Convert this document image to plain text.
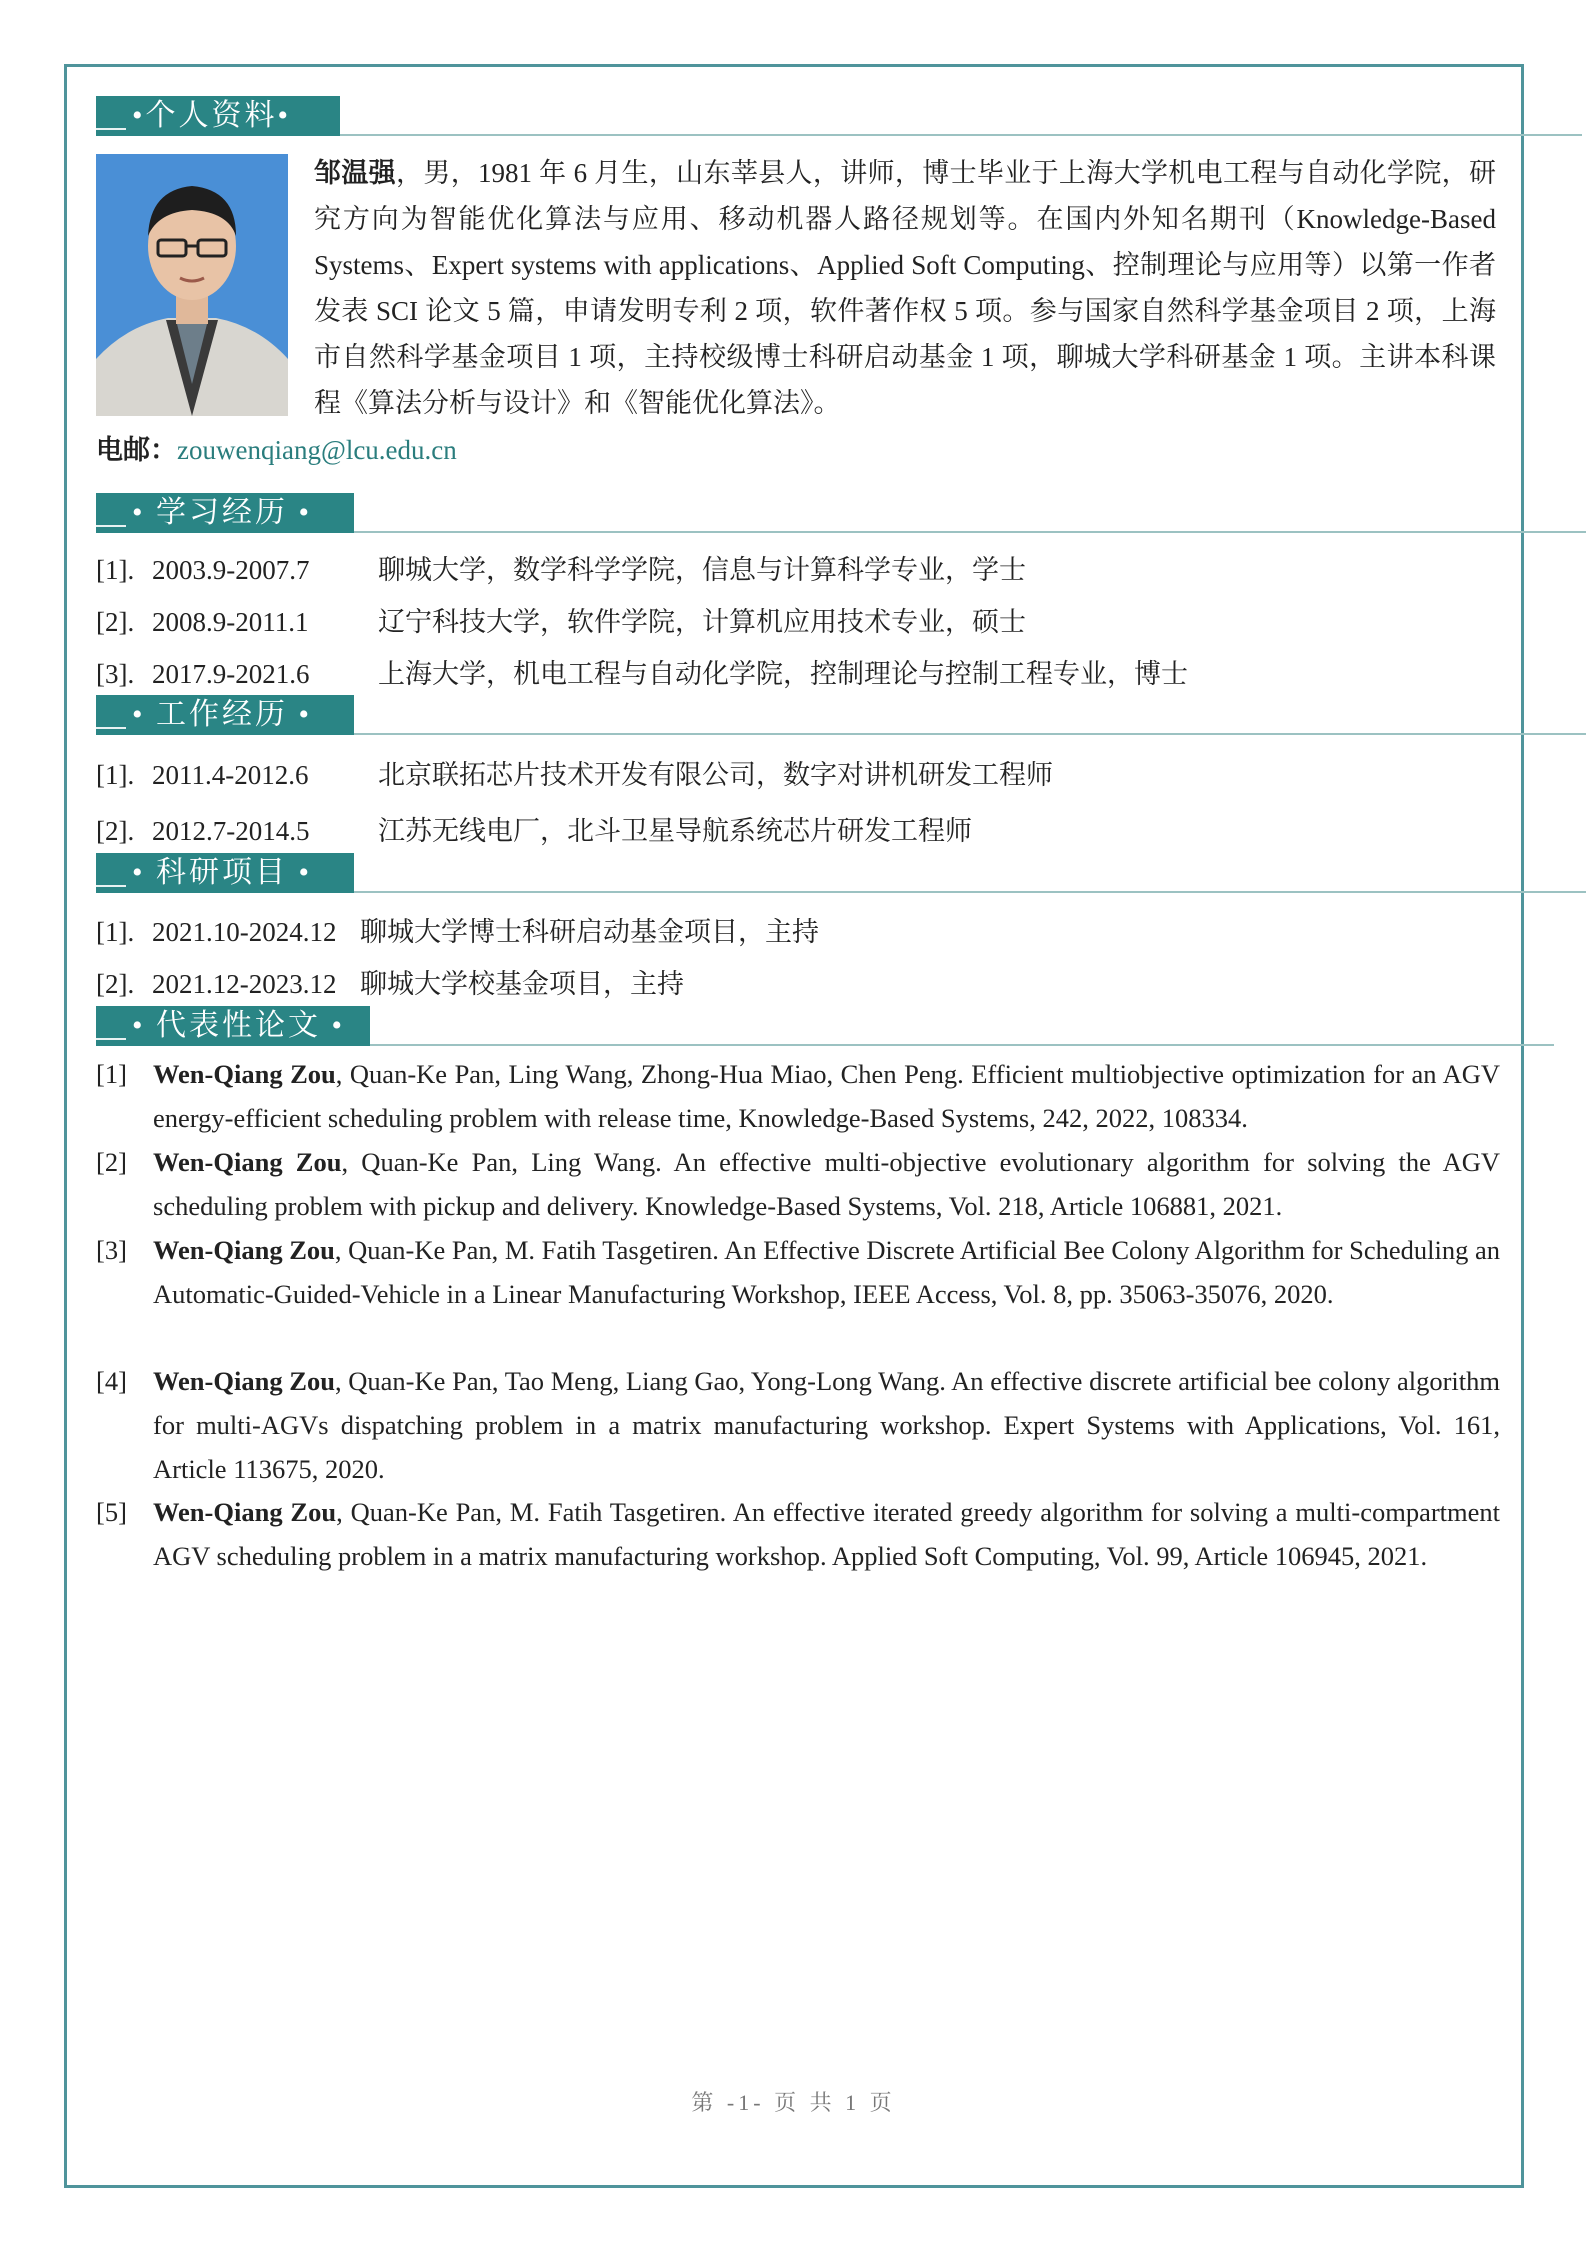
•个人资料•
邹温强，男，1981 年 6 月生，山东莘县人，讲师，博士毕业于上海大学机电工程与自动化学院，研究方向为智能优化算法与应用、移动机器人路径规划等。在国内外知名期刊（Knowledge-Based Systems、Expert systems with applications、Applied Soft Computing、控制理论与应用等）以第一作者发表 SCI 论文 5 篇，申请发明专利 2 项，软件著作权 5 项。参与国家自然科学基金项目 2 项，上海市自然科学基金项目 1 项，主持校级博士科研启动基金 1 项，聊城大学科研基金 1 项。主讲本科课程《算法分析与设计》和《智能优化算法》。
电邮：zouwenqiang@lcu.edu.cn
• 学习经历 •
[1]. 2003.9-2007.7	聊城大学，数学科学学院，信息与计算科学专业，学士
[2]. 2008.9-2011.1	辽宁科技大学，软件学院，计算机应用技术专业，硕士
[3]. 2017.9-2021.6	上海大学，机电工程与自动化学院，控制理论与控制工程专业，博士
• 工作经历 •
[1]. 2011.4-2012.6	北京联拓芯片技术开发有限公司，数字对讲机研发工程师
[2]. 2012.7-2014.5	江苏无线电厂，北斗卫星导航系统芯片研发工程师
• 科研项目 •
[1]. 2021.10-2024.12 聊城大学博士科研启动基金项目，主持
[2]. 2021.12-2023.12 聊城大学校基金项目，主持
• 代表性论文 •
[1] Wen-Qiang Zou, Quan-Ke Pan, Ling Wang, Zhong-Hua Miao, Chen Peng. Efficient multiobjective optimization for an AGV energy-efficient scheduling problem with release time, Knowledge-Based Systems, 242, 2022, 108334.
[2] Wen-Qiang Zou, Quan-Ke Pan, Ling Wang. An effective multi-objective evolutionary algorithm for solving the AGV scheduling problem with pickup and delivery. Knowledge-Based Systems, Vol. 218, Article 106881, 2021.
[3] Wen-Qiang Zou, Quan-Ke Pan, M. Fatih Tasgetiren. An Effective Discrete Artificial Bee Colony Algorithm for Scheduling an Automatic-Guided-Vehicle in a Linear Manufacturing Workshop, IEEE Access, Vol. 8, pp. 35063-35076, 2020.
[4] Wen-Qiang Zou, Quan-Ke Pan, Tao Meng, Liang Gao, Yong-Long Wang. An effective discrete artificial bee colony algorithm for multi-AGVs dispatching problem in a matrix manufacturing workshop. Expert Systems with Applications, Vol. 161, Article 113675, 2020.
[5] Wen-Qiang Zou, Quan-Ke Pan, M. Fatih Tasgetiren. An effective iterated greedy algorithm for solving a multi-compartment AGV scheduling problem in a matrix manufacturing workshop. Applied Soft Computing, Vol. 99, Article 106945, 2021.
第 -1- 页 共 1 页
